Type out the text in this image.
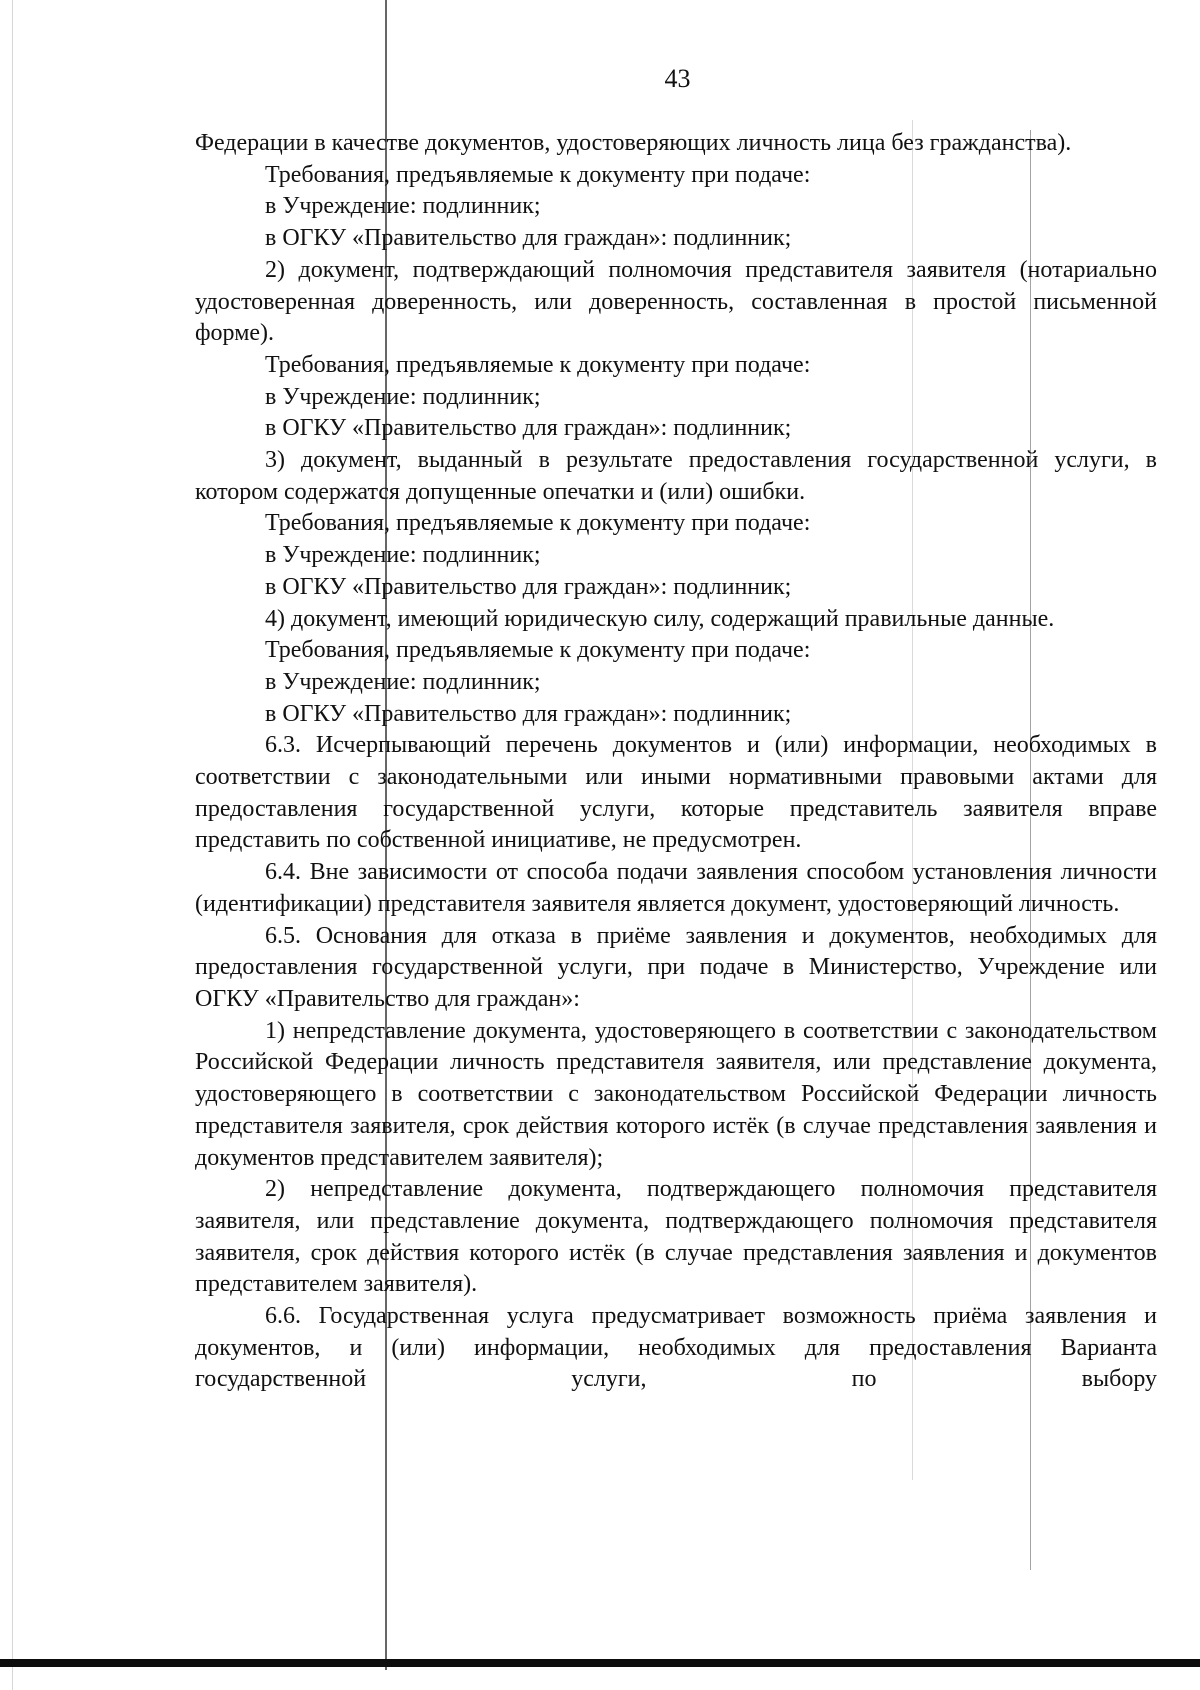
43

Федерации в качестве документов, удостоверяющих личность лица без гражданства).

Требования, предъявляемые к документу при подаче:

в Учреждение: подлинник;

в ОГКУ «Правительство для граждан»: подлинник;

2) документ, подтверждающий полномочия представителя заявителя (нотариально удостоверенная доверенность, или доверенность, составленная в простой письменной форме).

Требования, предъявляемые к документу при подаче:

в Учреждение: подлинник;

в ОГКУ «Правительство для граждан»: подлинник;

3) документ, выданный в результате предоставления государственной услуги, в котором содержатся допущенные опечатки и (или) ошибки.

Требования, предъявляемые к документу при подаче:

в Учреждение: подлинник;

в ОГКУ «Правительство для граждан»: подлинник;

4) документ, имеющий юридическую силу, содержащий правильные данные.

Требования, предъявляемые к документу при подаче:

в Учреждение: подлинник;

в ОГКУ «Правительство для граждан»: подлинник;

6.3. Исчерпывающий перечень документов и (или) информации, необходимых в соответствии с законодательными или иными нормативными правовыми актами для предоставления государственной услуги, которые представитель заявителя вправе представить по собственной инициативе, не предусмотрен.

6.4. Вне зависимости от способа подачи заявления способом установления личности (идентификации) представителя заявителя является документ, удостоверяющий личность.

6.5. Основания для отказа в приёме заявления и документов, необходимых для предоставления государственной услуги, при подаче в Министерство, Учреждение или ОГКУ «Правительство для граждан»:

1) непредставление документа, удостоверяющего в соответствии с законодательством Российской Федерации личность представителя заявителя, или представление документа, удостоверяющего в соответствии с законодательством Российской Федерации личность представителя заявителя, срок действия которого истёк (в случае представления заявления и документов представителем заявителя);

2) непредставление документа, подтверждающего полномочия представителя заявителя, или представление документа, подтверждающего полномочия представителя заявителя, срок действия которого истёк (в случае представления заявления и документов представителем заявителя).

6.6. Государственная услуга предусматривает возможность приёма заявления и документов, и (или) информации, необходимых для предоставления Варианта государственной услуги, по выбору
